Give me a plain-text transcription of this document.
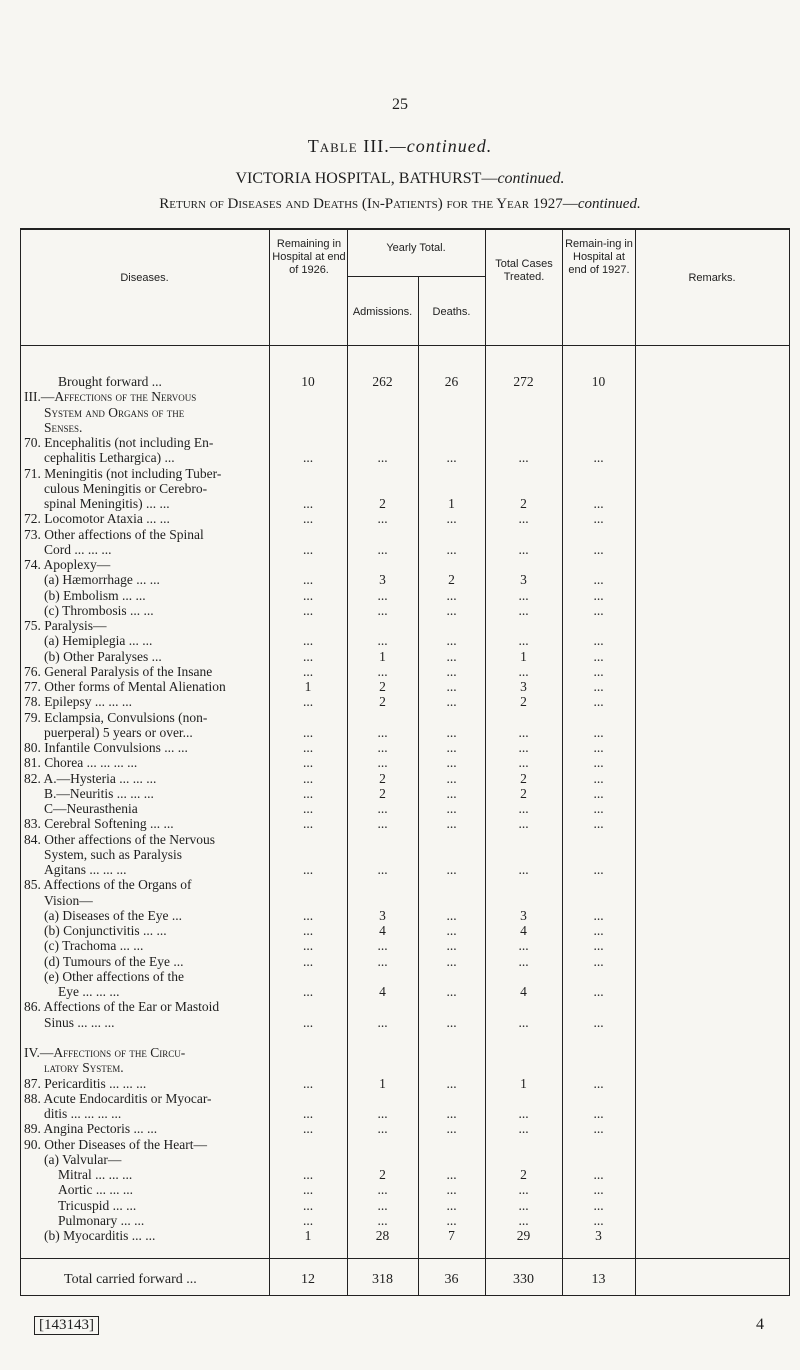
25
Table III.—continued.
VICTORIA HOSPITAL, BATHURST—continued.
Return of Diseases and Deaths (In-Patients) for the Year 1927—continued.
Diseases.
Remaining in Hospital at end of 1926.
Yearly Total.
Admissions.	Deaths.
Total Cases Treated.
Remain-ing in Hospital at end of 1927.
Remarks.
Brought forward ...	10	262	26	272	10
III.—Affections of the Nervous
System and Organs of the
Senses.
70. Encephalitis (not including En-
cephalitis Lethargica) ...	...	...	...	...	...
71. Meningitis (not including Tuber-
culous Meningitis or Cerebro-
spinal Meningitis) ... ...	...	2	1	2	...
72. Locomotor Ataxia ... ...	...	...	...	...	...
73. Other affections of the Spinal
Cord ... ... ...	...	...	...	...	...
74. Apoplexy—
(a) Hæmorrhage ... ...	...	3	2	3	...
(b) Embolism ... ...	...	...	...	...	...
(c) Thrombosis ... ...	...	...	...	...	...
75. Paralysis—
(a) Hemiplegia ... ...	...	...	...	...	...
(b) Other Paralyses ...	...	1	...	1	...
76. General Paralysis of the Insane	...	...	...	...	...
77. Other forms of Mental Alienation	1	2	...	3	...
78. Epilepsy ... ... ...	...	2	...	2	...
79. Eclampsia, Convulsions (non-
puerperal) 5 years or over...	...	...	...	...	...
80. Infantile Convulsions ... ...	...	...	...	...	...
81. Chorea ... ... ... ...	...	...	...	...	...
82. A.—Hysteria ... ... ...	...	2	...	2	...
B.—Neuritis ... ... ...	...	2	...	2	...
C—Neurasthenia	...	...	...	...	...
83. Cerebral Softening ... ...	...	...	...	...	...
84. Other affections of the Nervous
System, such as Paralysis
Agitans ... ... ...	...	...	...	...	...
85. Affections of the Organs of
Vision—
(a) Diseases of the Eye ...	...	3	...	3	...
(b) Conjunctivitis ... ...	...	4	...	4	...
(c) Trachoma ... ...	...	...	...	...	...
(d) Tumours of the Eye ...	...	...	...	...	...
(e) Other affections of the
Eye ... ... ...	...	4	...	4	...
86. Affections of the Ear or Mastoid
Sinus ... ... ...	...	...	...	...	...
IV.—Affections of the Circu-
latory System.
87. Pericarditis ... ... ...	...	1	...	1	...
88. Acute Endocarditis or Myocar-
ditis ... ... ... ...	...	...	...	...	...
89. Angina Pectoris ... ...	...	...	...	...	...
90. Other Diseases of the Heart—
(a) Valvular—
Mitral ... ... ...	...	2	...	2	...
Aortic ... ... ...	...	...	...	...	...
Tricuspid ... ...	...	...	...	...	...
Pulmonary ... ...	...	...	...	...	...
(b) Myocarditis ... ...	1	28	7	29	3
Total carried forward ...	12	318	36	330	13
[143143]	4
